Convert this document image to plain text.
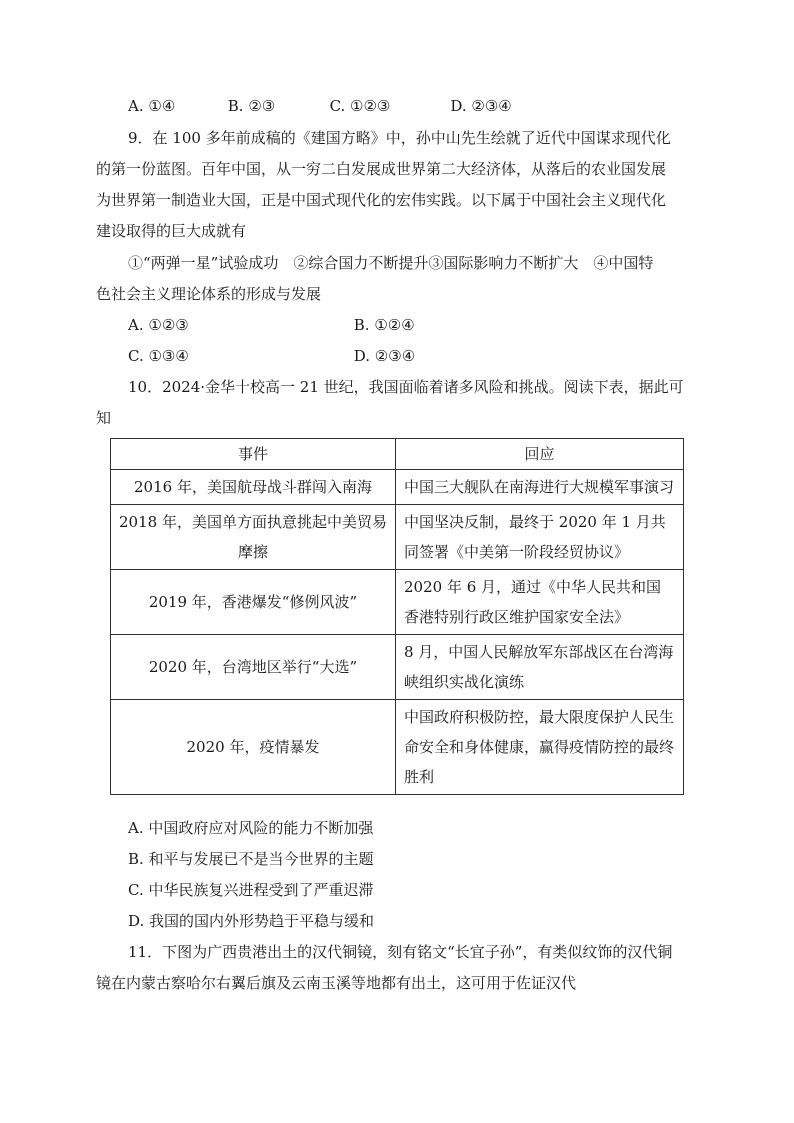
A. ①④	B. ②③	C. ①②③	D. ②③④
9．在 100 多年前成稿的《建国方略》中，孙中山先生绘就了近代中国谋求现代化
的第一份蓝图。百年中国，从一穷二白发展成世界第二大经济体，从落后的农业国发展
为世界第一制造业大国，正是中国式现代化的宏伟实践。以下属于中国社会主义现代化
建设取得的巨大成就有
①“两弹一星”试验成功　②综合国力不断提升③国际影响力不断扩大　④中国特
色社会主义理论体系的形成与发展
A. ①②③	B. ①②④
C. ①③④	D. ②③④
10．2024·金华十校高一 21 世纪，我国面临着诸多风险和挑战。阅读下表，据此可
知
事件	回应
2016 年，美国航母战斗群闯入南海	中国三大舰队在南海进行大规模军事演习
2018 年，美国单方面执意挑起中美贸易摩擦	中国坚决反制，最终于 2020 年 1 月共同签署《中美第一阶段经贸协议》
2019 年，香港爆发“修例风波”	2020 年 6 月，通过《中华人民共和国香港特别行政区维护国家安全法》
2020 年，台湾地区举行“大选”	8 月，中国人民解放军东部战区在台湾海峡组织实战化演练
2020 年，疫情暴发	中国政府积极防控，最大限度保护人民生命安全和身体健康，赢得疫情防控的最终胜利
A. 中国政府应对风险的能力不断加强
B. 和平与发展已不是当今世界的主题
C. 中华民族复兴进程受到了严重迟滞
D. 我国的国内外形势趋于平稳与缓和
11．下图为广西贵港出土的汉代铜镜，刻有铭文“长宜子孙”，有类似纹饰的汉代铜
镜在内蒙古察哈尔右翼后旗及云南玉溪等地都有出土，这可用于佐证汉代
